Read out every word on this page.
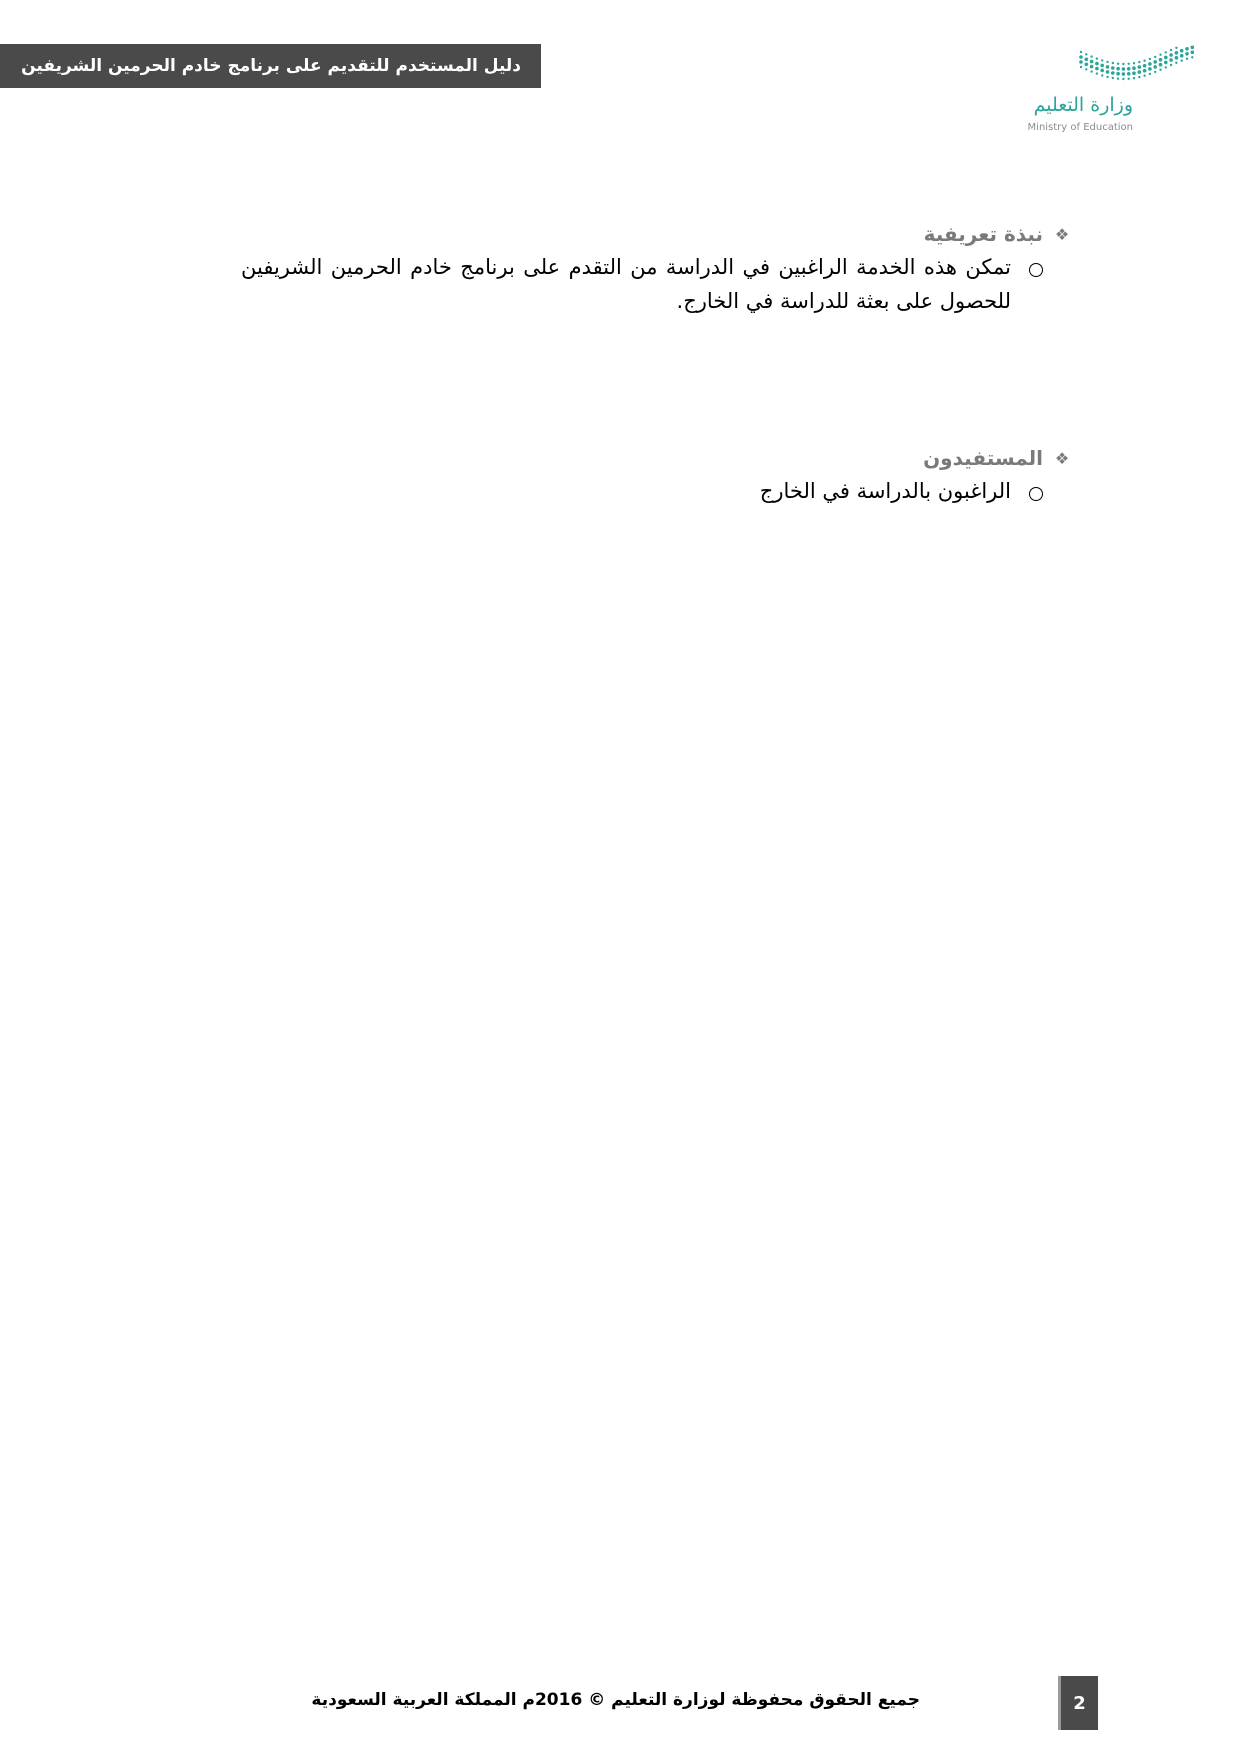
دليل المستخدم للتقديم على برنامج خادم الحرمين الشريفين
وزارة التعليم
Ministry of Education
❖
نبذة تعريفية
تمكن هذه الخدمة الراغبين في الدراسة من التقدم على برنامج خادم الحرمين الشريفين للحصول على بعثة للدراسة في الخارج.
❖
المستفيدون
الراغبون بالدراسة في الخارج
جميع الحقوق محفوظة لوزارة التعليم © 2016م المملكة العربية السعودية	2
